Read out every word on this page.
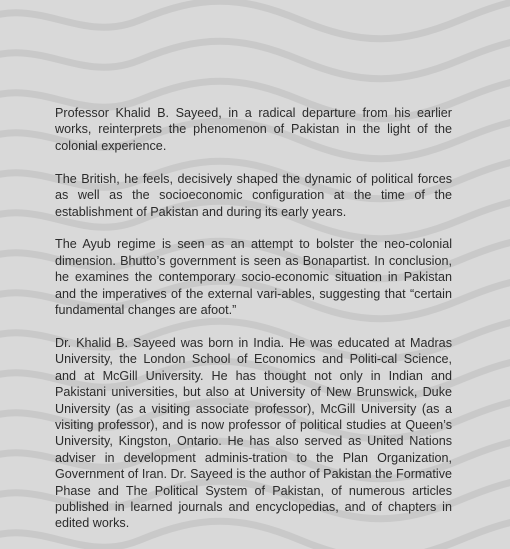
Professor Khalid B. Sayeed, in a radical departure from his earlier works, reinterprets the phenomenon of Pakistan in the light of the colonial experience.

The British, he feels, decisively shaped the dynamic of political forces as well as the socioeconomic configuration at the time of the establishment of Pakistan and during its early years.

The Ayub regime is seen as an attempt to bolster the neo-colonial dimension. Bhutto’s government is seen as Bonapartist. In conclusion, he examines the contemporary socio-economic situation in Pakistan and the imperatives of the external vari-ables, suggesting that “certain fundamental changes are afoot.”

Dr. Khalid B. Sayeed was born in India. He was educated at Madras University, the London School of Economics and Politi-cal Science, and at McGill University. He has thought not only in Indian and Pakistani universities, but also at University of New Brunswick, Duke University (as a visiting associate professor), McGill University (as a visiting professor), and is now professor of political studies at Queen’s University, Kingston, Ontario. He has also served as United Nations adviser in development adminis-tration to the Plan Organization, Government of Iran. Dr. Sayeed is the author of Pakistan the Formative Phase and The Political System of Pakistan, of numerous articles published in learned journals and encyclopedias, and of chapters in edited works.
